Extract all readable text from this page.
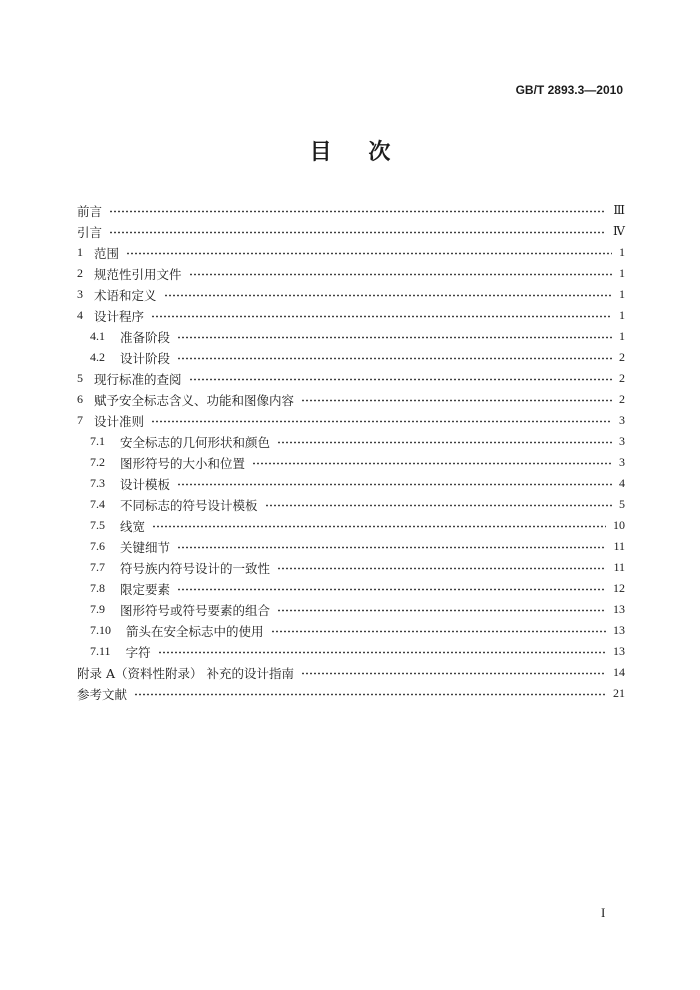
GB/T 2893.3—2010
目 次
前言	Ⅲ
引言	Ⅳ
1 范围	1
2 规范性引用文件	1
3 术语和定义	1
4 设计程序	1
4.1 准备阶段	1
4.2 设计阶段	2
5 现行标准的查阅	2
6 赋予安全标志含义、功能和图像内容	2
7 设计准则	3
7.1 安全标志的几何形状和颜色	3
7.2 图形符号的大小和位置	3
7.3 设计模板	4
7.4 不同标志的符号设计模板	5
7.5 线宽	10
7.6 关键细节	11
7.7 符号族内符号设计的一致性	11
7.8 限定要素	12
7.9 图形符号或符号要素的组合	13
7.10 箭头在安全标志中的使用	13
7.11 字符	13
附录 A（资料性附录） 补充的设计指南	14
参考文献	21
I
